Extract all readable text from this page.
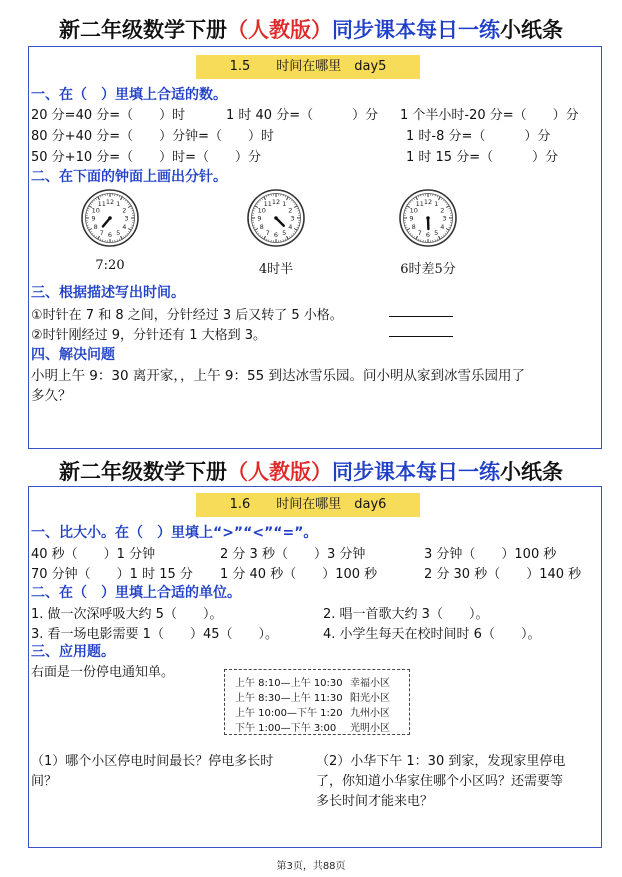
新二年级数学下册（人教版）同步课本每日一练小纸条
1.5　　时间在哪里　day5
一、在（　）里填上合适的数。
20 分=40 分=（　　）时	1 时 40 分=（　　　）分 1 个半小时-20 分=（　　）分
80 分+40 分=（　　）分钟=（　　）时	1 时-8 分=（　　　）分
50 分+10 分=（　　）时=（　　）分	1 时 15 分=（　　　）分
二、在下面的钟面上画出分针。
1
2
3
4
5
6
7
8
9
10
11 12	1
2
3
4
5
6
7
8
9
10
11 12	1
2
3
4
5
6
7
8
9
10
11 12
7:20	4时半	6时差5分
三、根据描述写出时间。
①时针在 7 和 8 之间，分针经过 3 后又转了 5 小格。
②时针刚经过 9，分针还有 1 大格到 3。
四、解决问题
小明上午 9：30 离开家，，上午 9：55 到达冰雪乐园。问小明从家到冰雪乐园用了
多久？
新二年级数学下册（人教版）同步课本每日一练小纸条
1.6　　时间在哪里　day6
一、比大小。在（　）里填上“>”“<”“=”。
40 秒（　　）1 分钟	2 分 3 秒（　　）3 分钟	3 分钟（　　）100 秒
70 分钟（　　）1 时 15 分 1 分 40 秒（　　）100 秒	2 分 30 秒（　　）140 秒
二、在（　）里填上合适的单位。
1. 做一次深呼吸大约 5（　　）。	2. 唱一首歌大约 3（　　）。
3. 看一场电影需要 1（　　）45（　　）。	4. 小学生每天在校时间时 6（　　）。
三、应用题。
右面是一份停电通知单。
上午 8:10—上午 10:30 幸福小区
上午 8:30—上午 11:30 阳光小区
上午 10:00—下午 1:20 九州小区
下午 1:00—下午 3:00 光明小区
（1）哪个小区停电时间最长？停电多长时
间？
（2）小华下午 1：30 到家，发现家里停电
了，你知道小华家住哪个小区吗？还需要等
多长时间才能来电？
第3页，共88页
